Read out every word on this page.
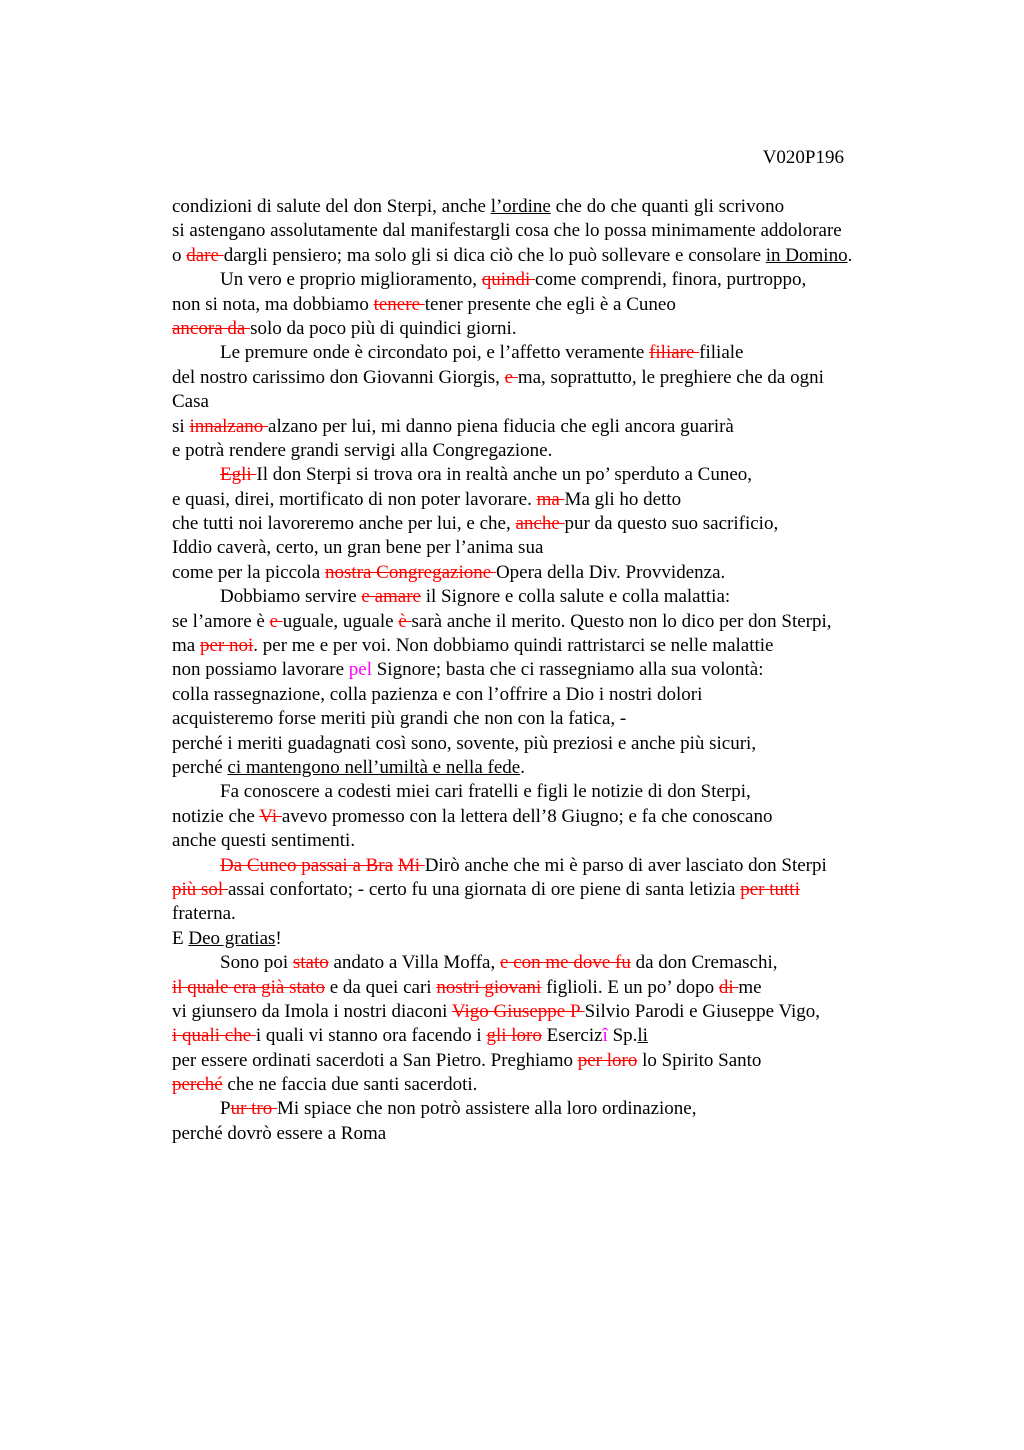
V020P196
condizioni di salute del don Sterpi, anche l’ordine che do che quanti gli scrivono
si astengano assolutamente dal manifestargli cosa che lo possa minimamente addolorare
o dare dargli pensiero; ma solo gli si dica ciò che lo può sollevare e consolare in Domino.
Un vero e proprio miglioramento, quindi come comprendi, finora, purtroppo,
non si nota, ma dobbiamo tenere tener presente che egli è a Cuneo
ancora da solo da poco più di quindici giorni.
Le premure onde è circondato poi, e l’affetto veramente filiare filiale
del nostro carissimo don Giovanni Giorgis, e ma, soprattutto, le preghiere che da ogni
Casa
si innalzano alzano per lui, mi danno piena fiducia che egli ancora guarirà
e potrà rendere grandi servigi alla Congregazione.
Egli Il don Sterpi si trova ora in realtà anche un po’ sperduto a Cuneo,
e quasi, direi, mortificato di non poter lavorare. ma Ma gli ho detto
che tutti noi lavoreremo anche per lui, e che, anche pur da questo suo sacrificio,
Iddio caverà, certo, un gran bene per l’anima sua
come per la piccola nostra Congregazione Opera della Div. Provvidenza.
Dobbiamo servire e amare il Signore e colla salute e colla malattia:
se l’amore è e uguale, uguale è sarà anche il merito. Questo non lo dico per don Sterpi,
ma per noi. per me e per voi. Non dobbiamo quindi rattristarci se nelle malattie
non possiamo lavorare pel Signore; basta che ci rassegniamo alla sua volontà:
colla rassegnazione, colla pazienza e con l’offrire a Dio i nostri dolori
acquisteremo forse meriti più grandi che non con la fatica, -
perché i meriti guadagnati così sono, sovente, più preziosi e anche più sicuri,
perché ci mantengono nell’umiltà e nella fede.
Fa conoscere a codesti miei cari fratelli e figli le notizie di don Sterpi,
notizie che Vi avevo promesso con la lettera dell’8 Giugno; e fa che conoscano
anche questi sentimenti.
Da Cuneo passai a Bra Mi Dirò anche che mi è parso di aver lasciato don Sterpi
più sol assai confortato; - certo fu una giornata di ore piene di santa letizia per tutti
fraterna.
E Deo gratias!
Sono poi stato andato a Villa Moffa, e con me dove fu da don Cremaschi,
il quale era già stato e da quei cari nostri giovani figlioli. E un po’ dopo di me
vi giunsero da Imola i nostri diaconi Vigo Giuseppe P Silvio Parodi e Giuseppe Vigo,
i quali che i quali vi stanno ora facendo i gli loro Esercizî Sp.li
per essere ordinati sacerdoti a San Pietro. Preghiamo per loro lo Spirito Santo
perché che ne faccia due santi sacerdoti.
Pur tro Mi spiace che non potrò assistere alla loro ordinazione,
perché dovrò essere a Roma
